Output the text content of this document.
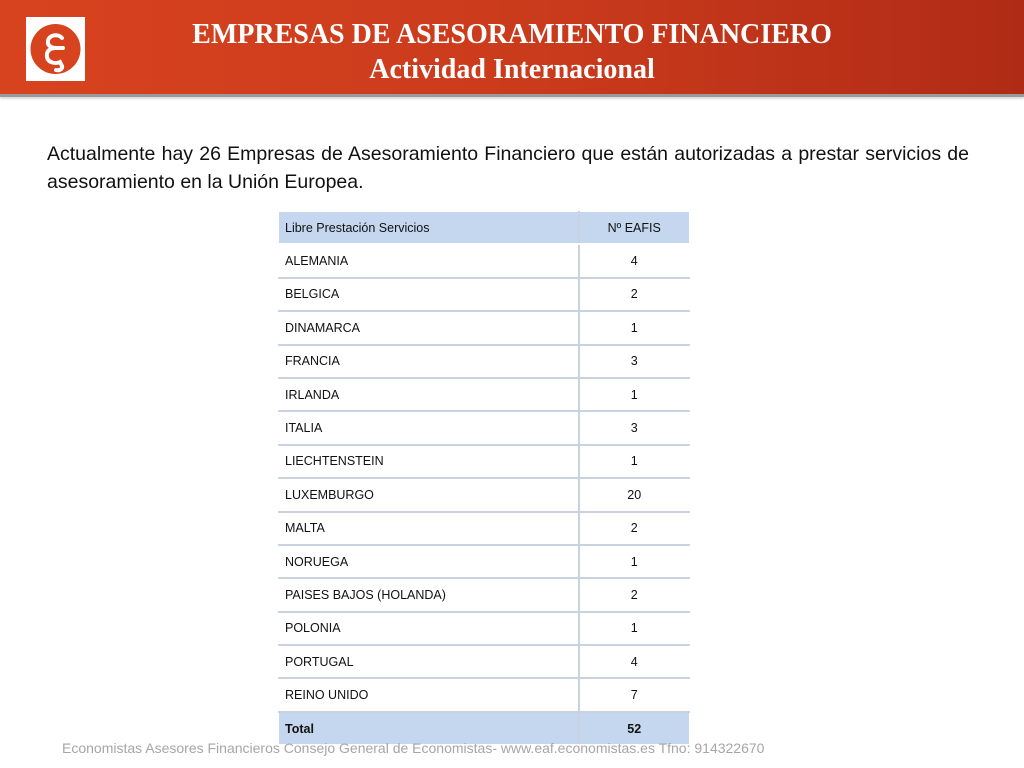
EMPRESAS DE ASESORAMIENTO FINANCIERO
Actividad Internacional
Actualmente hay 26 Empresas de Asesoramiento Financiero que están autorizadas a prestar servicios de asesoramiento en la Unión Europea.
Libre Prestación Servicios	Nº EAFIS
ALEMANIA	4
BELGICA	2
DINAMARCA	1
FRANCIA	3
IRLANDA	1
ITALIA	3
LIECHTENSTEIN	1
LUXEMBURGO	20
MALTA	2
NORUEGA	1
PAISES BAJOS (HOLANDA)	2
POLONIA	1
PORTUGAL	4
REINO UNIDO	7
Total	52
Economistas Asesores Financieros Consejo General de Economistas- www.eaf.economistas.es Tfno: 914322670
